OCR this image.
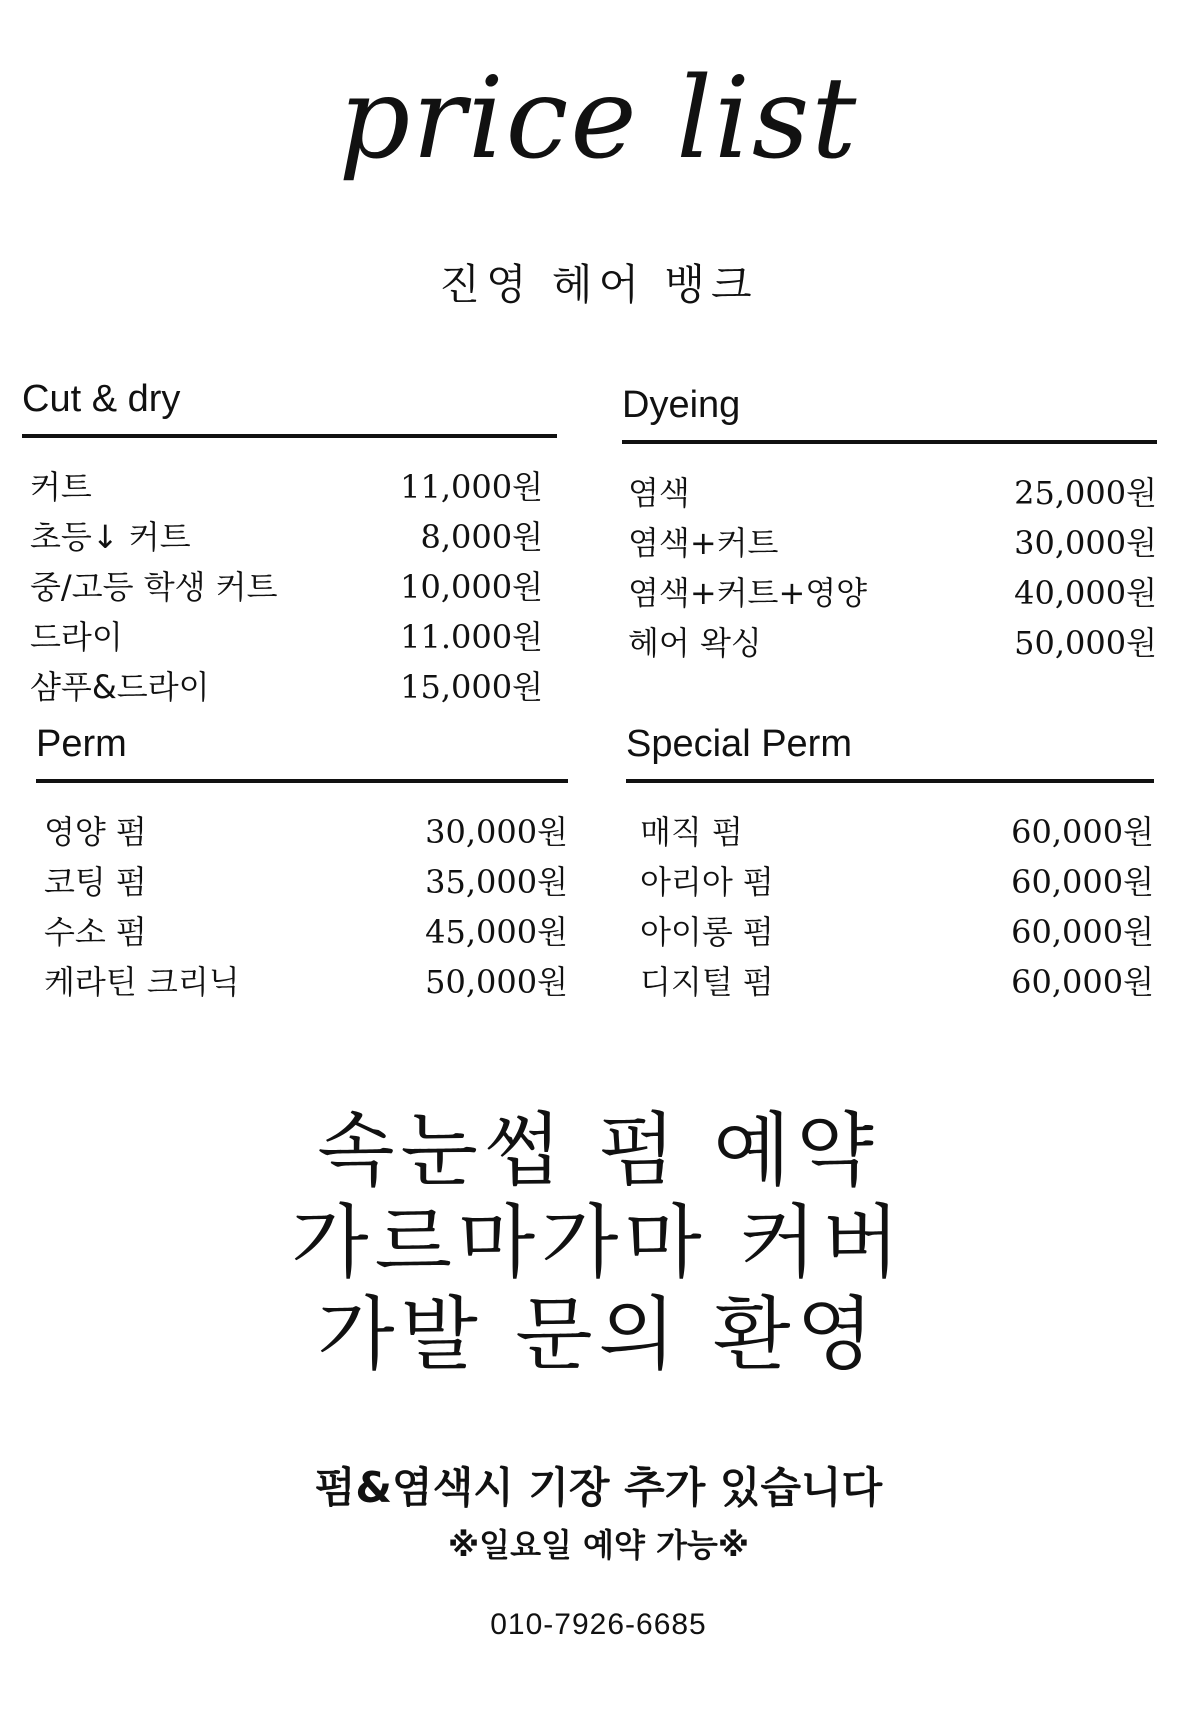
price list
진영 헤어 뱅크
Cut & dry
커트	11,000원
초등↓ 커트	8,000원
중/고등 학생 커트	10,000원
드라이	11.000원
샴푸&드라이	15,000원
Dyeing
염색	25,000원
염색+커트	30,000원
염색+커트+영양	40,000원
헤어 왁싱	50,000원
Perm
영양 펌	30,000원
코팅 펌	35,000원
수소 펌	45,000원
케라틴 크리닉	50,000원
Special Perm
매직 펌	60,000원
아리아 펌	60,000원
아이롱 펌	60,000원
디지털 펌	60,000원
속눈썹 펌 예약
가르마가마 커버
가발 문의 환영
펌&염색시 기장 추가 있습니다
※일요일 예약 가능※
010-7926-6685
